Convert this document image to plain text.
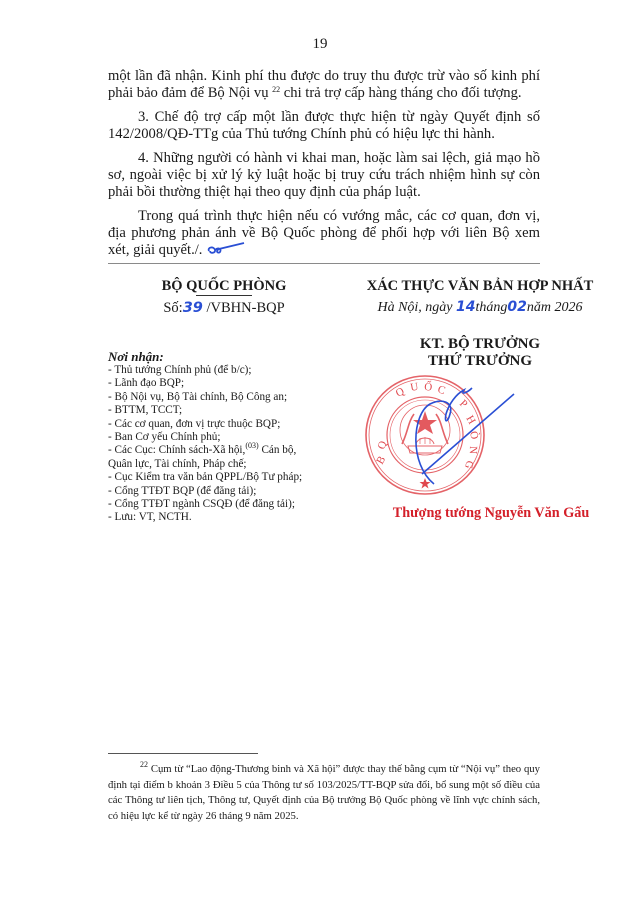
19

một lần đã nhận. Kinh phí thu được do truy thu được trừ vào số kinh phí phải bảo đảm để Bộ Nội vụ $^{22}$ chi trả trợ cấp hàng tháng cho đối tượng.

3. Chế độ trợ cấp một lần được thực hiện từ ngày Quyết định số 142/2008/QĐ-TTg của Thủ tướng Chính phủ có hiệu lực thi hành.

4. Những người có hành vi khai man, hoặc làm sai lệch, giả mạo hồ sơ, ngoài việc bị xử lý kỷ luật hoặc bị truy cứu trách nhiệm hình sự còn phải bồi thường thiệt hại theo quy định của pháp luật.

Trong quá trình thực hiện nếu có vướng mắc, các cơ quan, đơn vị, địa phương phản ánh về Bộ Quốc phòng để phối hợp với liên Bộ xem xét, giải quyết./.

BỘ QUỐC PHÒNG
Số:39 /VBHN-BQP
XÁC THỰC VĂN BẢN HỢP NHẤT
Hà Nội, ngày 14tháng02năm 2026
KT. BỘ TRƯỞNG
THỨ TRƯỞNG
Nơi nhận:
- Thủ tướng Chính phủ (để b/c);
- Lãnh đạo BQP;
- Bộ Nội vụ, Bộ Tài chính, Bộ Công an;
- BTTM, TCCT;
- Các cơ quan, đơn vị trực thuộc BQP;
- Ban Cơ yếu Chính phủ;
- Các Cục: Chính sách-Xã hội,$^{(03)}$ Cán bộ,
Quân lực, Tài chính, Pháp chế;
- Cục Kiểm tra văn bản QPPL/Bộ Tư pháp;
- Cổng TTĐT BQP (để đăng tải);
- Cổng TTĐT ngành CSQĐ (để đăng tải);
- Lưu: VT, NCTH.
Q U Ố C
Q
B
P
H
Ò
N
G
Thượng tướng Nguyễn Văn Gấu
$^{22}$ Cụm từ “Lao động-Thương binh và Xã hội” được thay thế bằng cụm từ “Nội vụ” theo quy định tại điểm b khoản 3 Điều 5 của Thông tư số 103/2025/TT-BQP sửa đổi, bổ sung một số điều của các Thông tư liên tịch, Thông tư, Quyết định của Bộ trưởng Bộ Quốc phòng về lĩnh vực chính sách, có hiệu lực kể từ ngày 26 tháng 9 năm 2025.
